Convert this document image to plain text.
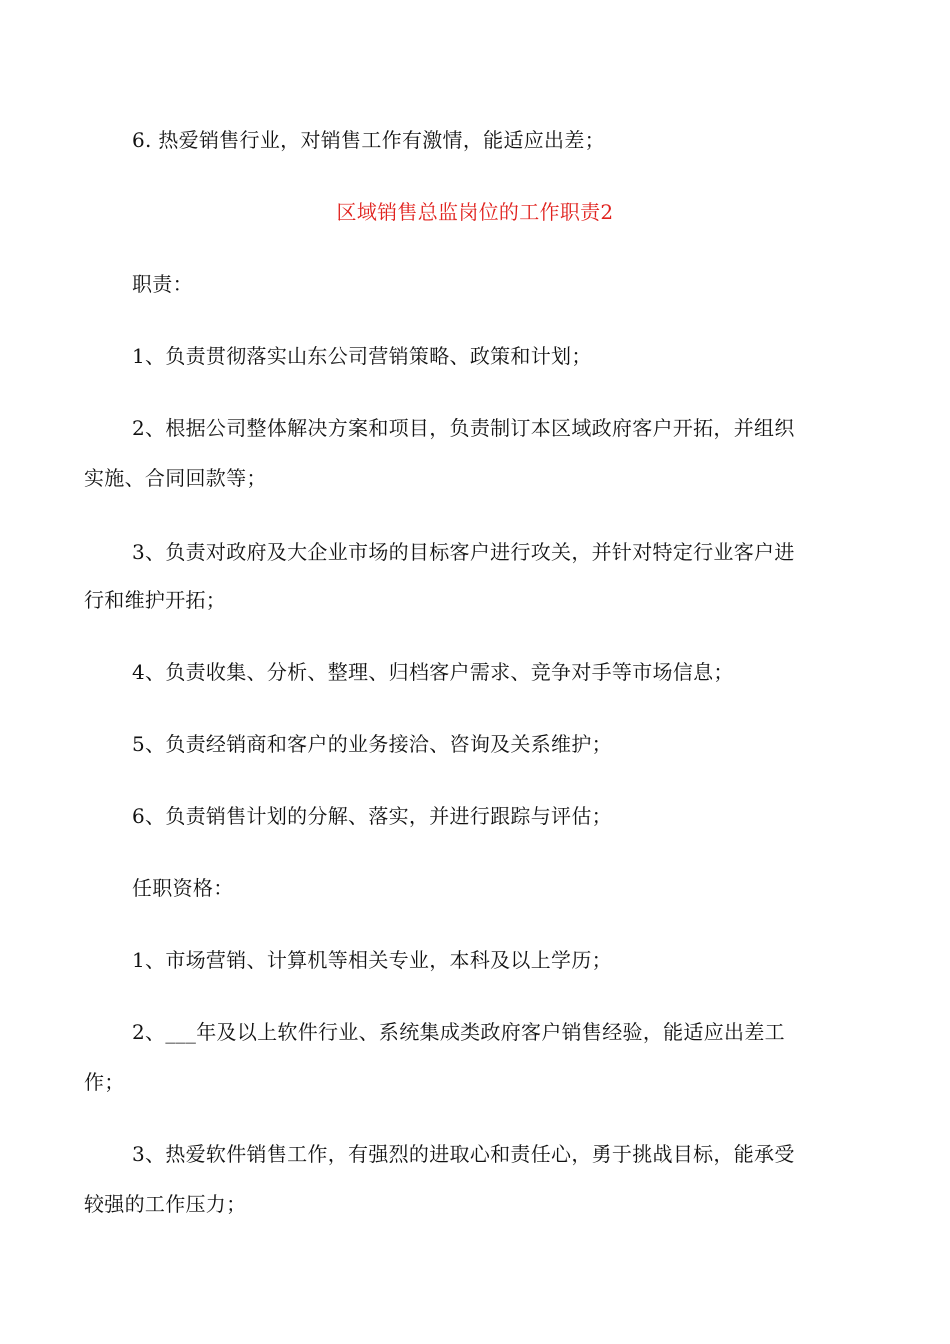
6. 热爱销售行业，对销售工作有激情，能适应出差；
区域销售总监岗位的工作职责2
职责：
1、负责贯彻落实山东公司营销策略、政策和计划；
2、根据公司整体解决方案和项目，负责制订本区域政府客户开拓，并组织
实施、合同回款等；
3、负责对政府及大企业市场的目标客户进行攻关，并针对特定行业客户进
行和维护开拓；
4、负责收集、分析、整理、归档客户需求、竞争对手等市场信息；
5、负责经销商和客户的业务接洽、咨询及关系维护；
6、负责销售计划的分解、落实，并进行跟踪与评估；
任职资格：
1、市场营销、计算机等相关专业，本科及以上学历；
2、___年及以上软件行业、系统集成类政府客户销售经验，能适应出差工
作；
3、热爱软件销售工作，有强烈的进取心和责任心，勇于挑战目标，能承受
较强的工作压力；
